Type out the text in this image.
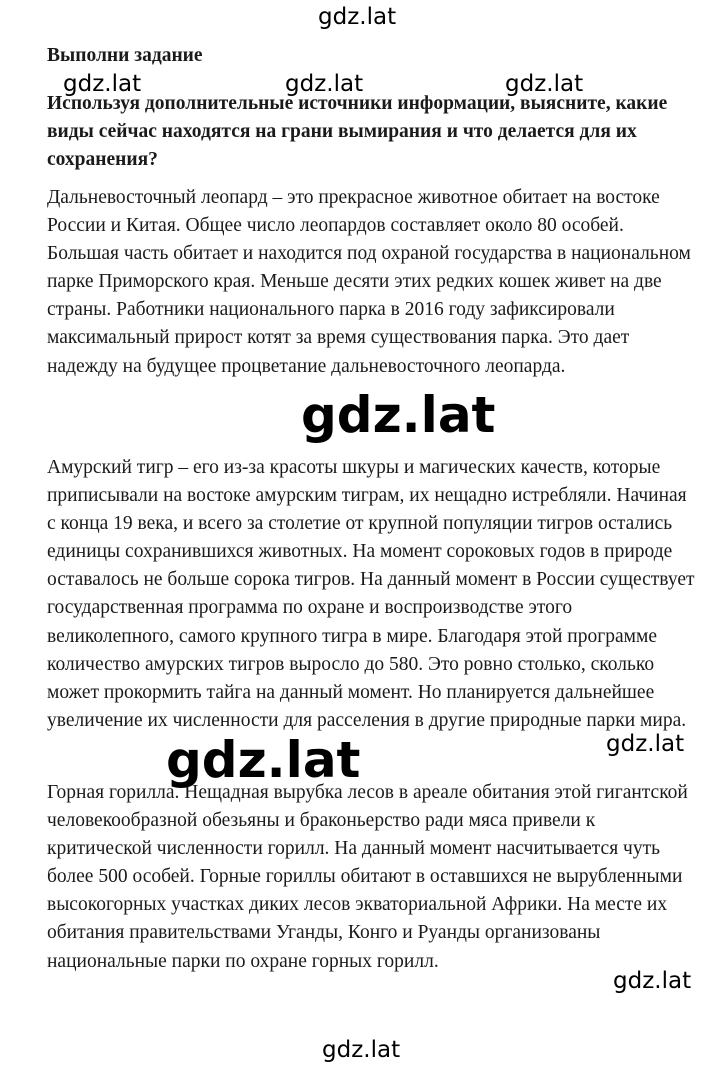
Выполни задание
Используя дополнительные источники информации, выясните, какие виды сейчас находятся на грани вымирания и что делается для их сохранения?

Дальневосточный леопард – это прекрасное животное обитает на востоке России и Китая. Общее число леопардов составляет около 80 особей. Большая часть обитает и находится под охраной государства в национальном парке Приморского края. Меньше десяти этих редких кошек живет на две страны. Работники национального парка в 2016 году зафиксировали максимальный прирост котят за время существования парка. Это дает надежду на будущее процветание дальневосточного леопарда.

Амурский тигр – его из-за красоты шкуры и магических качеств, которые приписывали на востоке амурским тиграм, их нещадно истребляли. Начиная с конца 19 века, и всего за столетие от крупной популяции тигров остались единицы сохранившихся животных. На момент сороковых годов в природе оставалось не больше сорока тигров. На данный момент в России существует государственная программа по охране и воспроизводстве этого великолепного, самого крупного тигра в мире. Благодаря этой программе количество амурских тигров выросло до 580. Это ровно столько, сколько может прокормить тайга на данный момент. Но планируется дальнейшее увеличение их численности для расселения в другие природные парки мира.

Горная горилла. Нещадная вырубка лесов в ареале обитания этой гигантской человекообразной обезьяны и браконьерство ради мяса привели к критической численности горилл. На данный момент насчитывается чуть более 500 особей. Горные гориллы обитают в оставшихся не вырубленными высокогорных участках диких лесов экваториальной Африки. На месте их обитания правительствами Уганды, Конго и Руанды организованы национальные парки по охране горных горилл.

gdz.lat
gdz.lat	gdz.lat	gdz.lat
gdz.lat
gdz.lat	gdz.lat
gdz.lat
gdz.lat
